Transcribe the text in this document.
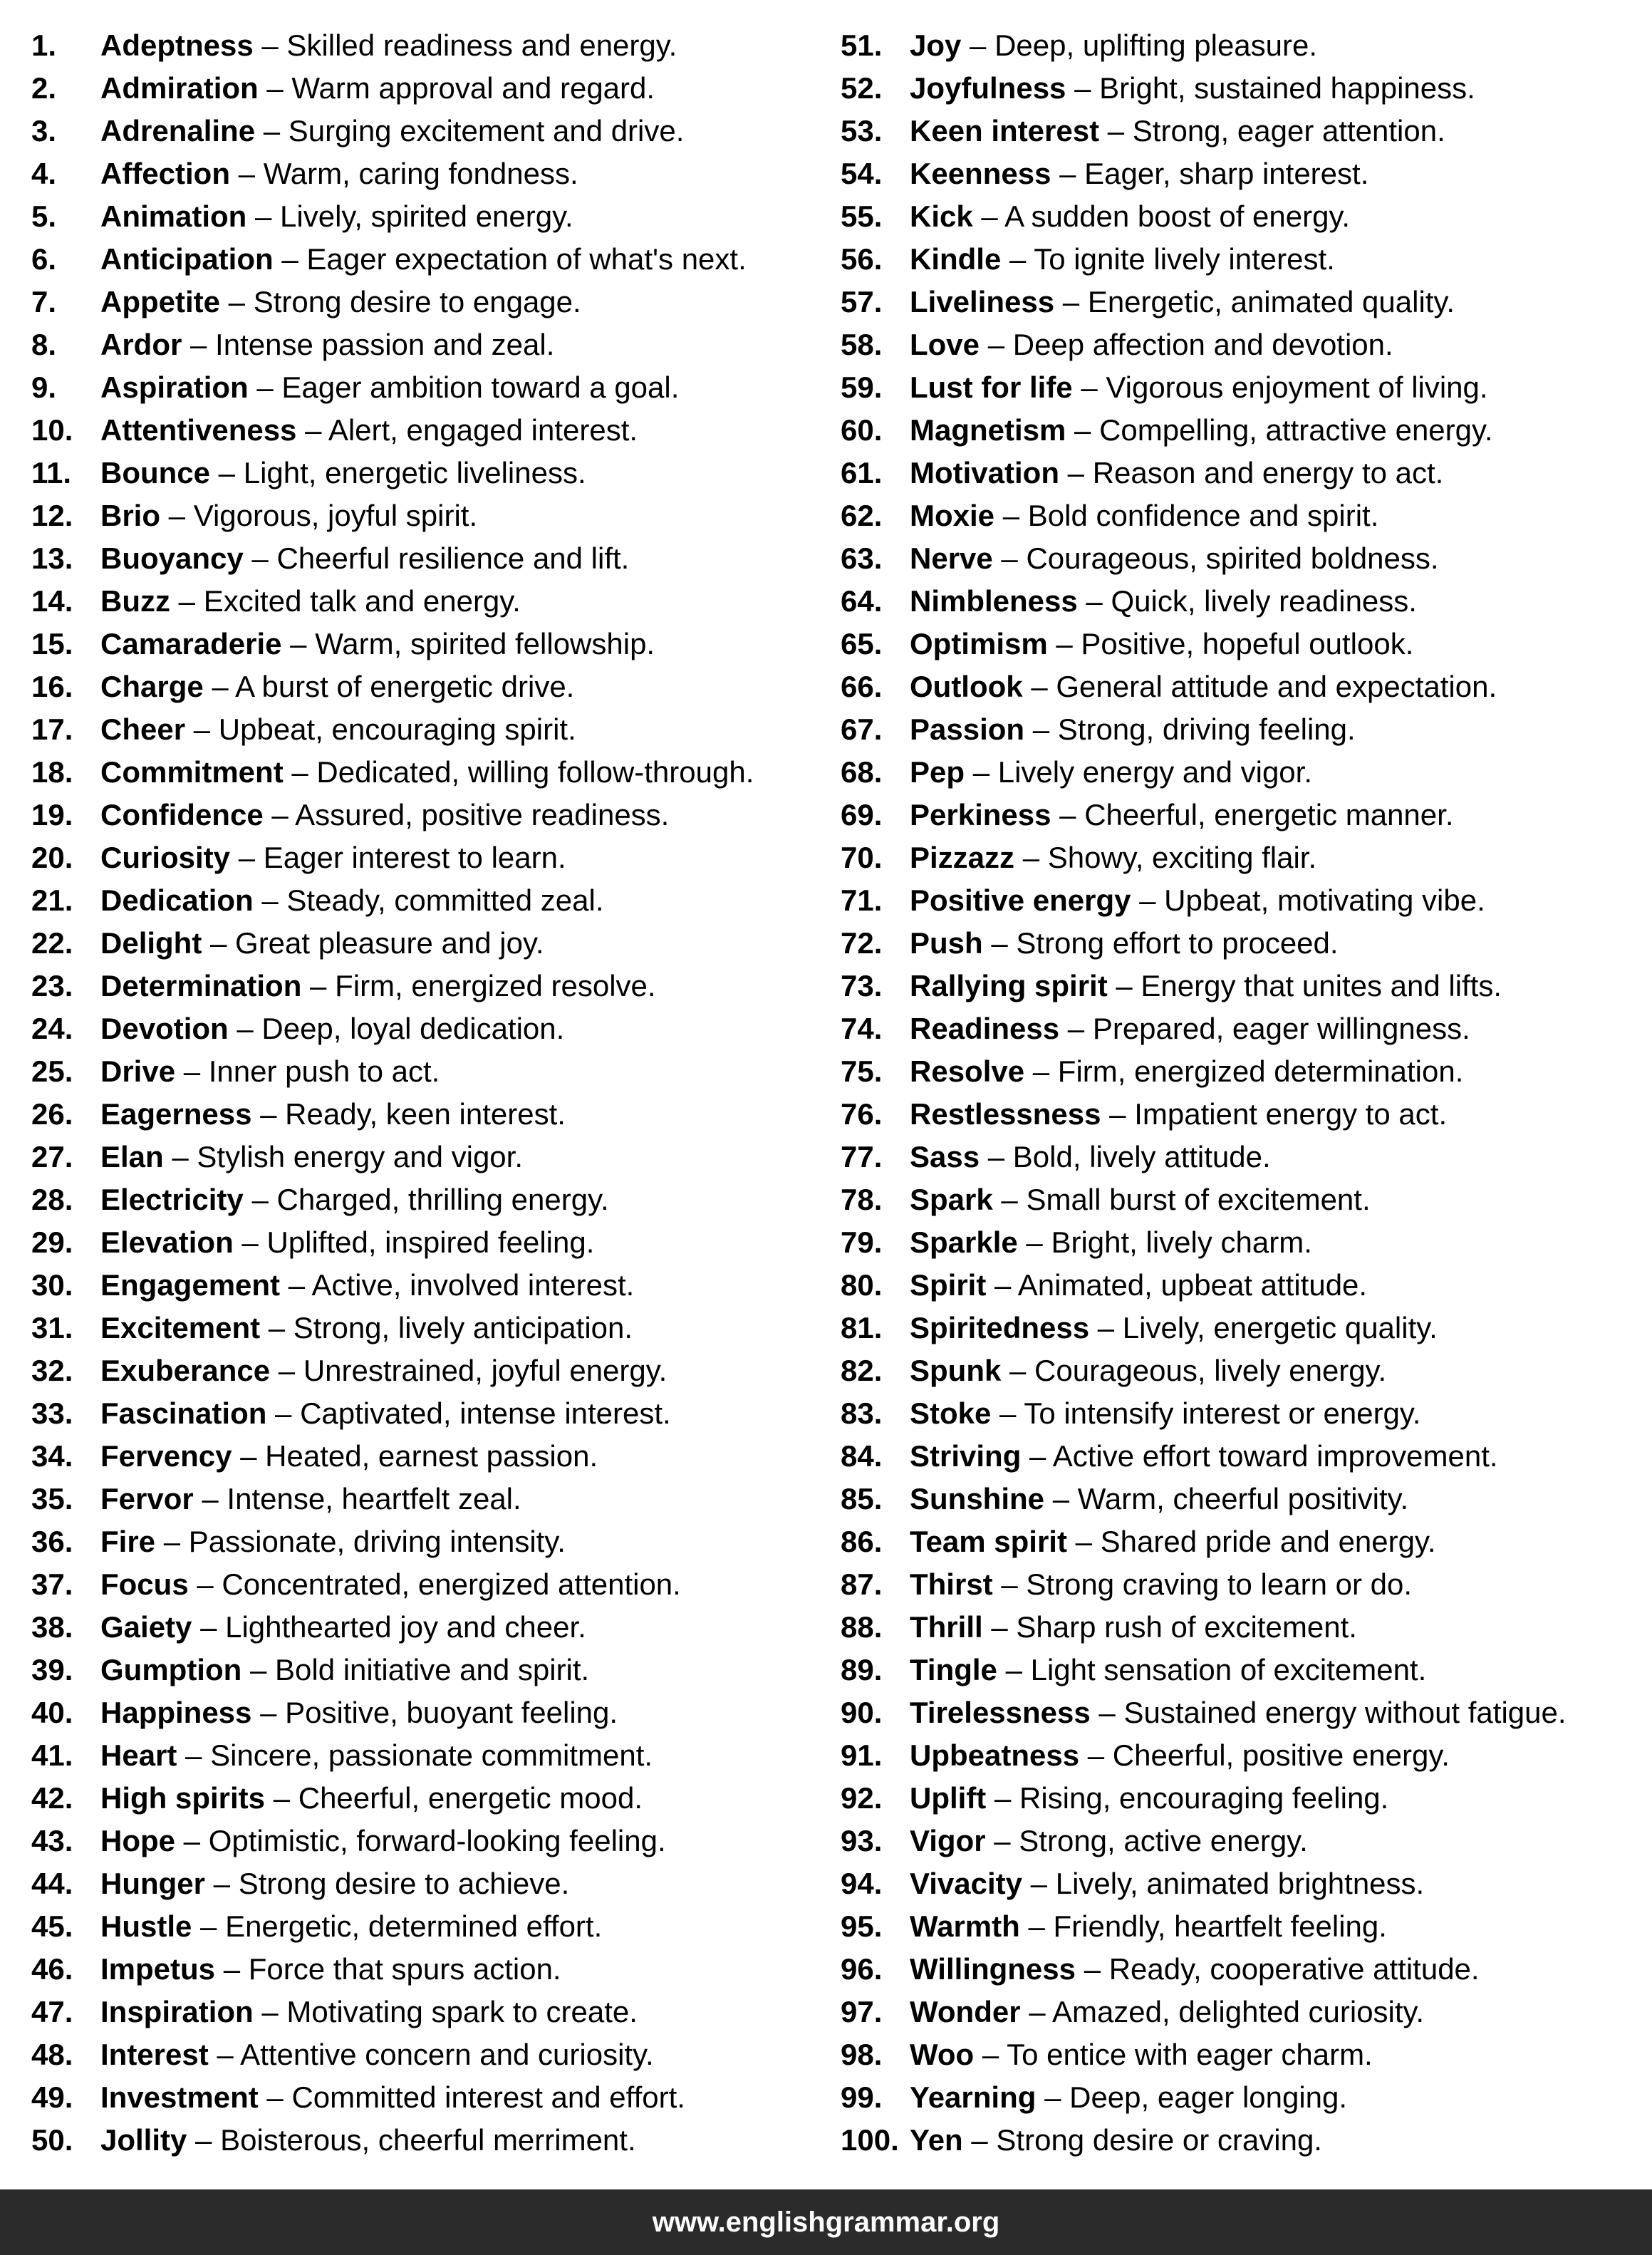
1. Adeptness – Skilled readiness and energy.
2. Admiration – Warm approval and regard.
3. Adrenaline – Surging excitement and drive.
4. Affection – Warm, caring fondness.
5. Animation – Lively, spirited energy.
6. Anticipation – Eager expectation of what's next.
7. Appetite – Strong desire to engage.
8. Ardor – Intense passion and zeal.
9. Aspiration – Eager ambition toward a goal.
10. Attentiveness – Alert, engaged interest.
11. Bounce – Light, energetic liveliness.
12. Brio – Vigorous, joyful spirit.
13. Buoyancy – Cheerful resilience and lift.
14. Buzz – Excited talk and energy.
15. Camaraderie – Warm, spirited fellowship.
16. Charge – A burst of energetic drive.
17. Cheer – Upbeat, encouraging spirit.
18. Commitment – Dedicated, willing follow-through.
19. Confidence – Assured, positive readiness.
20. Curiosity – Eager interest to learn.
21. Dedication – Steady, committed zeal.
22. Delight – Great pleasure and joy.
23. Determination – Firm, energized resolve.
24. Devotion – Deep, loyal dedication.
25. Drive – Inner push to act.
26. Eagerness – Ready, keen interest.
27. Elan – Stylish energy and vigor.
28. Electricity – Charged, thrilling energy.
29. Elevation – Uplifted, inspired feeling.
30. Engagement – Active, involved interest.
31. Excitement – Strong, lively anticipation.
32. Exuberance – Unrestrained, joyful energy.
33. Fascination – Captivated, intense interest.
34. Fervency – Heated, earnest passion.
35. Fervor – Intense, heartfelt zeal.
36. Fire – Passionate, driving intensity.
37. Focus – Concentrated, energized attention.
38. Gaiety – Lighthearted joy and cheer.
39. Gumption – Bold initiative and spirit.
40. Happiness – Positive, buoyant feeling.
41. Heart – Sincere, passionate commitment.
42. High spirits – Cheerful, energetic mood.
43. Hope – Optimistic, forward-looking feeling.
44. Hunger – Strong desire to achieve.
45. Hustle – Energetic, determined effort.
46. Impetus – Force that spurs action.
47. Inspiration – Motivating spark to create.
48. Interest – Attentive concern and curiosity.
49. Investment – Committed interest and effort.
50. Jollity – Boisterous, cheerful merriment.
51. Joy – Deep, uplifting pleasure.
52. Joyfulness – Bright, sustained happiness.
53. Keen interest – Strong, eager attention.
54. Keenness – Eager, sharp interest.
55. Kick – A sudden boost of energy.
56. Kindle – To ignite lively interest.
57. Liveliness – Energetic, animated quality.
58. Love – Deep affection and devotion.
59. Lust for life – Vigorous enjoyment of living.
60. Magnetism – Compelling, attractive energy.
61. Motivation – Reason and energy to act.
62. Moxie – Bold confidence and spirit.
63. Nerve – Courageous, spirited boldness.
64. Nimbleness – Quick, lively readiness.
65. Optimism – Positive, hopeful outlook.
66. Outlook – General attitude and expectation.
67. Passion – Strong, driving feeling.
68. Pep – Lively energy and vigor.
69. Perkiness – Cheerful, energetic manner.
70. Pizzazz – Showy, exciting flair.
71. Positive energy – Upbeat, motivating vibe.
72. Push – Strong effort to proceed.
73. Rallying spirit – Energy that unites and lifts.
74. Readiness – Prepared, eager willingness.
75. Resolve – Firm, energized determination.
76. Restlessness – Impatient energy to act.
77. Sass – Bold, lively attitude.
78. Spark – Small burst of excitement.
79. Sparkle – Bright, lively charm.
80. Spirit – Animated, upbeat attitude.
81. Spiritedness – Lively, energetic quality.
82. Spunk – Courageous, lively energy.
83. Stoke – To intensify interest or energy.
84. Striving – Active effort toward improvement.
85. Sunshine – Warm, cheerful positivity.
86. Team spirit – Shared pride and energy.
87. Thirst – Strong craving to learn or do.
88. Thrill – Sharp rush of excitement.
89. Tingle – Light sensation of excitement.
90. Tirelessness – Sustained energy without fatigue.
91. Upbeatness – Cheerful, positive energy.
92. Uplift – Rising, encouraging feeling.
93. Vigor – Strong, active energy.
94. Vivacity – Lively, animated brightness.
95. Warmth – Friendly, heartfelt feeling.
96. Willingness – Ready, cooperative attitude.
97. Wonder – Amazed, delighted curiosity.
98. Woo – To entice with eager charm.
99. Yearning – Deep, eager longing.
100. Yen – Strong desire or craving.
www.englishgrammar.org
